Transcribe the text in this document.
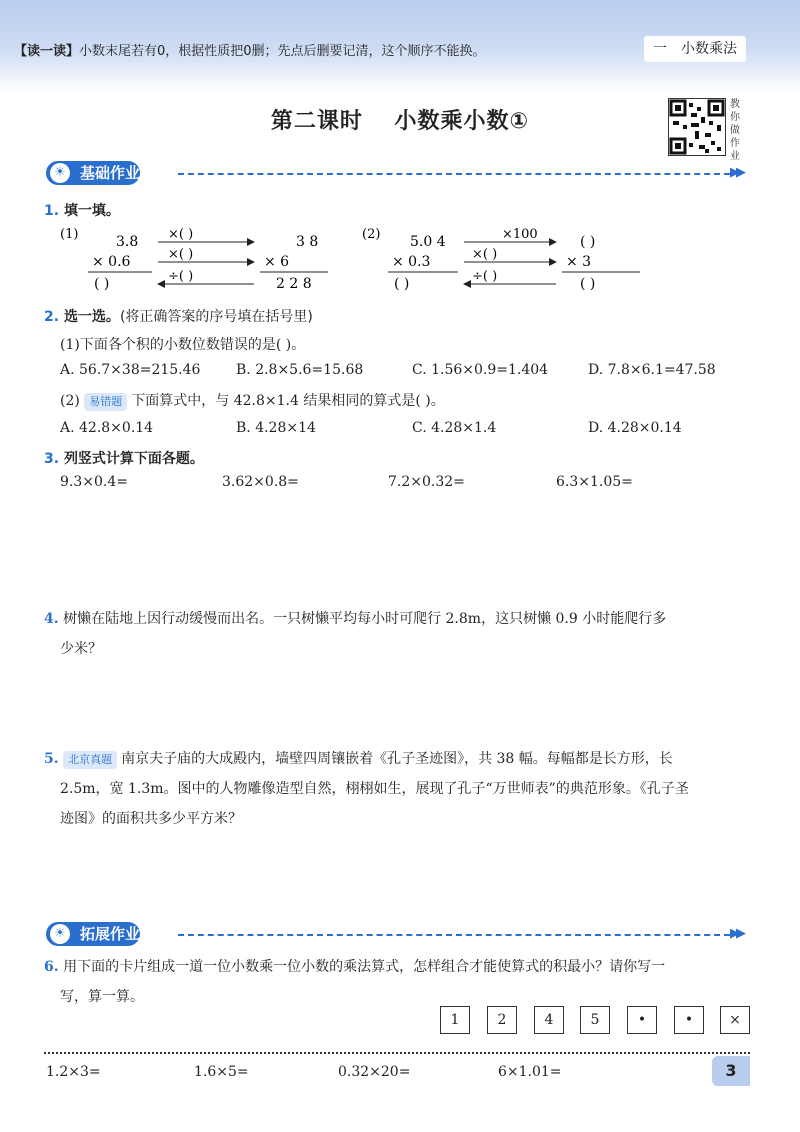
【读一读】小数末尾若有0，根据性质把0删；先点后删要记清，这个顺序不能换。	一　小数乘法
第二课时　 小数乘小数①
教你做作业
☀ 基础作业	▶▶
1. 填一填。
(1)	3.8
× 0.6
( )
×( )
×( )
÷( )
3 8
× 6
2 2 8
(2) 5.0 4
× 0.3
( )
×100
×( )
÷( )
( )
× 3
( )
2. 选一选。(将正确答案的序号填在括号里)
(1)下面各个积的小数位数错误的是( )。
A. 56.7×38=215.46	B. 2.8×5.6=15.68	C. 1.56×0.9=1.404	D. 7.8×6.1=47.58
(2) 易错题 下面算式中，与 42.8×1.4 结果相同的算式是( )。
A. 42.8×0.14	B. 4.28×14	C. 4.28×1.4	D. 4.28×0.14
3. 列竖式计算下面各题。
9.3×0.4=	3.62×0.8=	7.2×0.32=	6.3×1.05=
4. 树懒在陆地上因行动缓慢而出名。一只树懒平均每小时可爬行 2.8m，这只树懒 0.9 小时能爬行多
少米？
5. 北京真题 南京夫子庙的大成殿内，墙壁四周镶嵌着《孔子圣迹图》，共 38 幅。每幅都是长方形，长
2.5m，宽 1.3m。图中的人物雕像造型自然，栩栩如生，展现了孔子“万世师表”的典范形象。《孔子圣
迹图》的面积共多少平方米？
☀ 拓展作业	▶▶
6. 用下面的卡片组成一道一位小数乘一位小数的乘法算式，怎样组合才能使算式的积最小？请你写一
写，算一算。
1	2	4	5	•	•	×
1.2×3=	1.6×5=	0.32×20=	6×1.01=	3
